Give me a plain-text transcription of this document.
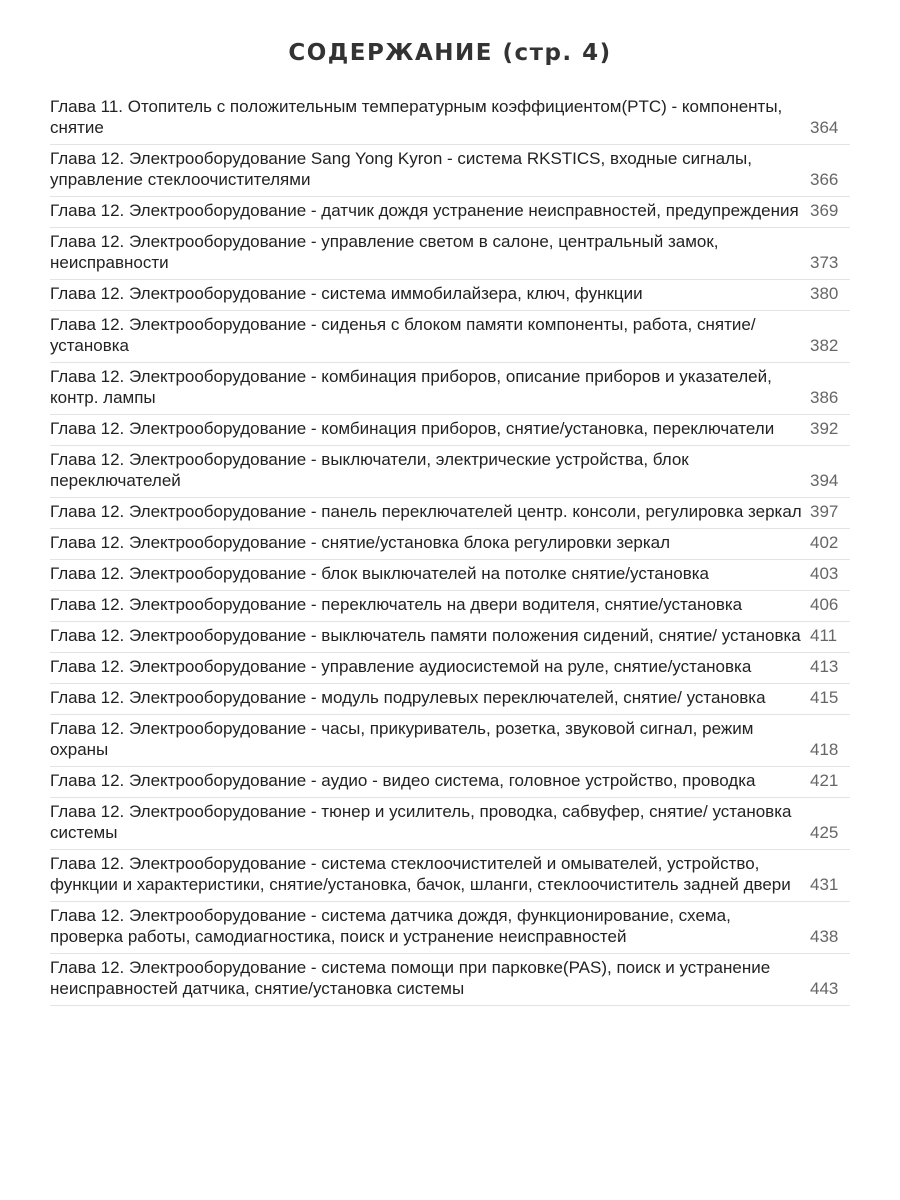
СОДЕРЖАНИЕ (стр. 4)
Глава 11. Отопитель с положительным температурным коэффициентом(PTC) - компоненты, снятие	364
Глава 12. Электрооборудование Sang Yong Kyron - система RKSTICS, входные сигналы, управление стеклоочистителями	366
Глава 12. Электрооборудование - датчик дождя устранение неисправностей, предупреждения 369
Глава 12. Электрооборудование - управление светом в салоне, центральный замок, неисправности	373
Глава 12. Электрооборудование - система иммобилайзера, ключ, функции	380
Глава 12. Электрооборудование - сиденья с блоком памяти компоненты, работа, снятие/установка	382
Глава 12. Электрооборудование - комбинация приборов, описание приборов и указателей, контр. лампы	386
Глава 12. Электрооборудование - комбинация приборов, снятие/установка, переключатели	392
Глава 12. Электрооборудование - выключатели, электрические устройства, блок переключателей	394
Глава 12. Электрооборудование - панель переключателей центр. консоли, регулировка зеркал 397
Глава 12. Электрооборудование - снятие/установка блока регулировки зеркал	402
Глава 12. Электрооборудование - блок выключателей на потолке снятие/установка	403
Глава 12. Электрооборудование - переключатель на двери водителя, снятие/установка	406
Глава 12. Электрооборудование - выключатель памяти положения сидений, снятие/ установка 411
Глава 12. Электрооборудование - управление аудиосистемой на руле, снятие/установка	413
Глава 12. Электрооборудование - модуль подрулевых переключателей, снятие/ установка	415
Глава 12. Электрооборудование - часы, прикуриватель, розетка, звуковой сигнал, режим охраны	418
Глава 12. Электрооборудование - аудио - видео система, головное устройство, проводка	421
Глава 12. Электрооборудование - тюнер и усилитель, проводка, сабвуфер, снятие/ установка системы	425
Глава 12. Электрооборудование - система стеклоочистителей и омывателей, устройство, функции и характеристики, снятие/установка, бачок, шланги, стеклоочиститель задней двери	431
Глава 12. Электрооборудование - система датчика дождя, функционирование, схема, проверка работы, самодиагностика, поиск и устранение неисправностей	438
Глава 12. Электрооборудование - система помощи при парковке(PAS), поиск и устранение неисправностей датчика, снятие/установка системы	443
